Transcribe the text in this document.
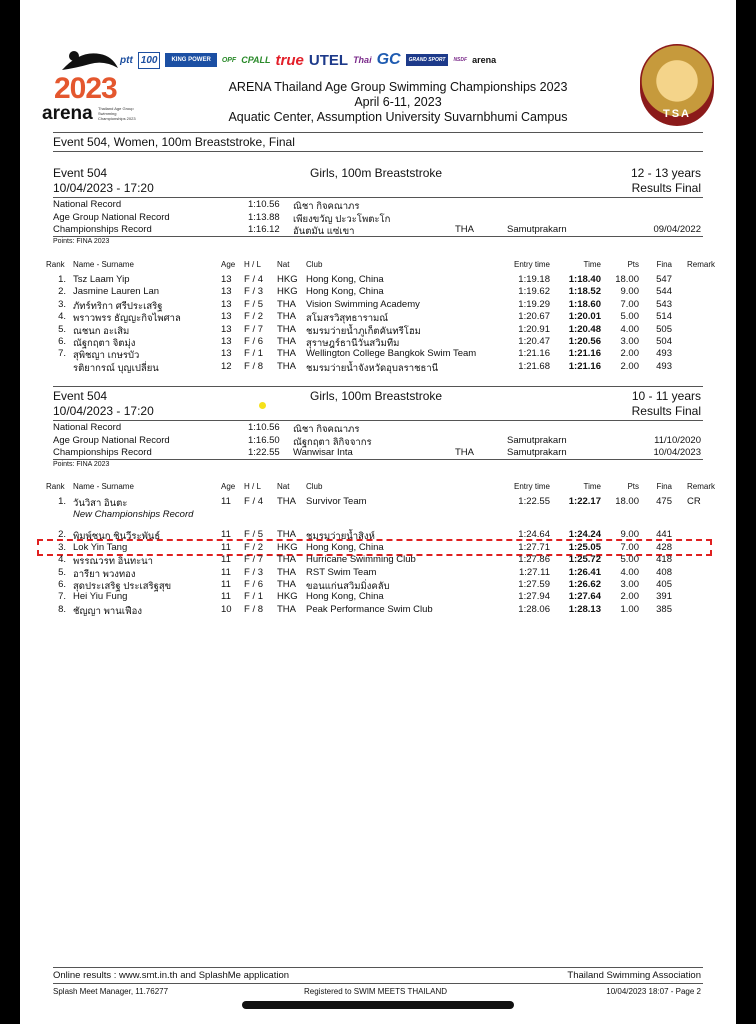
2023
arena Thailand Age Group Swimming Championships 2023
ptt 100	KING POWER	OPF CPALL true UTEL Thai GC	GRAND SPORT	NSDF arena
TSA
ARENA Thailand Age Group Swimming Championships 2023
April 6-11, 2023
Aquatic Center, Assumption University Suvarnbhumi Campus
Event 504, Women, 100m Breaststroke, Final
Event 504	Girls, 100m Breaststroke	12 - 13 years
10/04/2023 - 17:20	Results Final
Points: FINA 2023
Event 504	Girls, 100m Breaststroke	10 - 11 years
10/04/2023 - 17:20	Results Final
Points: FINA 2023
New Championships Record
Online results : www.smt.in.th and SplashMe application	Thailand Swimming Association
Splash Meet Manager, 11.76277	Registered to SWIM MEETS THAILAND	10/04/2023 18:07 - Page 2
National Record	1:10.56 ณิชา กิจคณาภร
Age Group National Record	1:13.88 เพียงขวัญ ปะวะโพตะโก
Championships Record	1:16.12 อันตมัน แซ่เขา	THA	Samutprakarn	09/04/2022
Rank Name - Surname	Age H / L Nat Club	Entry time	Time	Pts Fina Remark
1. Tsz Laam Yip	13 F / 4 HKG Hong Kong, China	1:19.18 1:18.40 18.00 547
2. Jasmine Lauren Lan	13 F / 3 HKG Hong Kong, China	1:19.62 1:18.52 9.00 544
3. ภัทร์ทริกา ศรีประเสริฐ	13 F / 5 THA Vision Swimming Academy	1:19.29 1:18.60 7.00 543
4. พราวพรร ธัญญะกิจไพศาล	13 F / 2 THA สโมสรวิสุทธารามณ์	1:20.67 1:20.01 5.00 514
5. ณชนก อะเสิม	13 F / 7 THA ชมรมว่ายน้ำภูเก็ตคันทรีโฮม	1:20.91 1:20.48 4.00 505
6. ณัฐกฤตา จิตมุ่ง	13 F / 6 THA สุราษฎร์ธานีวันสวิมทีม	1:20.47 1:20.56 3.00 504
7. สุพิชญา เกษรบัว	13 F / 1 THA Wellington College Bangkok Swim Team	1:21.16 1:21.16 2.00 493
รติยากรณ์ บุญเปลี่ยน	12 F / 8 THA ชมรมว่ายน้ำจังหวัดอุบลราชธานี	1:21.68 1:21.16 2.00 493
National Record	1:10.56 ณิชา กิจคณาภร
Age Group National Record	1:16.50 ณัฐกฤตา ลิกิจจากร	Samutprakarn	11/10/2020
Championships Record	1:22.55 Wanwisar Inta	THA	Samutprakarn	10/04/2023
Rank Name - Surname	Age H / L Nat Club	Entry time	Time	Pts Fina Remark
1. วันวิสา อินตะ	11 F / 4 THA Survivor Team	1:22.55 1:22.17 18.00 475 CR
2. พิมพ์ชนก ชินวีระพันธ์	11 F / 5 THA ชมรมว่ายน้ำสิงห์	1:24.64 1:24.24 9.00 441
3. Lok Yin Tang	11 F / 2 HKG Hong Kong, China	1:27.71 1:25.05 7.00 428
4. พรรณวรท อินทะนา	11 F / 7 THA Hurricane Swimming Club	1:27.86 1:25.72 5.00 418
5. อารียา พวงทอง	11 F / 3 THA RST Swim Team	1:27.11 1:26.41 4.00 408
6. สุดประเสริฐ ประเสริฐสุข	11 F / 6 THA ขอนแก่นสวิมมิ่งคลับ	1:27.59 1:26.62 3.00 405
7. Hei Yiu Fung	11 F / 1 HKG Hong Kong, China	1:27.94 1:27.64 2.00 391
8. ชัญญา พานเฟือง	10 F / 8 THA Peak Performance Swim Club	1:28.06 1:28.13 1.00 385
